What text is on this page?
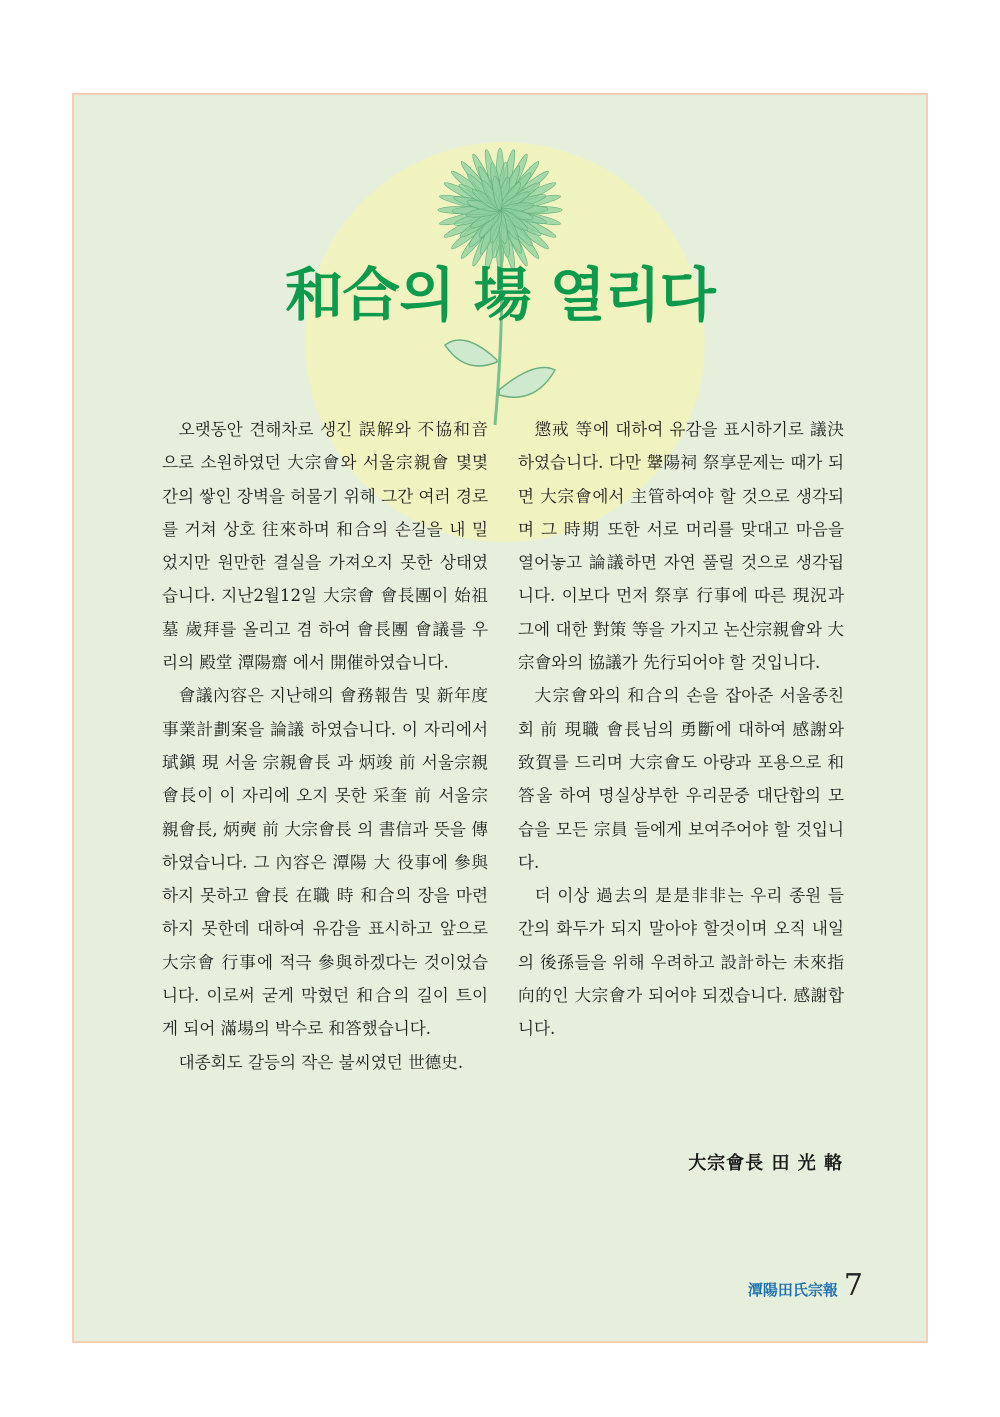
和合의 場 열리다

오랫동안 견해차로 생긴 誤解와 不協和音으로 소원하였던 大宗會와 서울宗親會 몇몇 간의 쌓인 장벽을 허물기 위해 그간 여러 경로를 거쳐 상호 往來하며 和合의 손길을 내 밀었지만 원만한 결실을 가져오지 못한 상태였습니다. 지난2월12일 大宗會 會長團이 始祖墓 歲拜를 올리고 겸 하여 會長團 會議를 우리의 殿堂 潭陽齋 에서 開催하였습니다.

會議內容은 지난해의 會務報告 및 新年度 事業計劃案을 論議 하였습니다. 이 자리에서 珷鎭 現 서울 宗親會長 과 炳竣 前 서울宗親會長이 이 자리에 오지 못한 采奎 前 서울宗親會長, 炳奭 前 大宗會長 의 書信과 뜻을 傳하였습니다. 그 內容은 潭陽 大 役事에 參與하지 못하고 會長 在職 時 和合의 장을 마련하지 못한데 대하여 유감을 표시하고 앞으로 大宗會 行事에 적극 參與하겠다는 것이었습니다. 이로써 굳게 막혔던 和合의 길이 트이게 되어 滿場의 박수로 和答했습니다.

대종회도 갈등의 작은 불씨였던 世德史.

懲戒 等에 대하여 유감을 표시하기로 議決하였습니다. 다만 鞶陽祠 祭享문제는 때가 되면 大宗會에서 主管하여야 할 것으로 생각되며 그 時期 또한 서로 머리를 맞대고 마음을 열어놓고 論議하면 자연 풀릴 것으로 생각됩니다. 이보다 먼저 祭享 行事에 따른 現況과 그에 대한 對策 等을 가지고 논산宗親會와 大宗會와의 協議가 先行되어야 할 것입니다.

大宗會와의 和合의 손을 잡아준 서울종친회 前 現職 會長님의 勇斷에 대하여 感謝와 致賀를 드리며 大宗會도 아량과 포용으로 和答울 하여 명실상부한 우리문중 대단합의 모습을 모든 宗員 들에게 보여주어야 할 것입니다.

더 이상 過去의 是是非非는 우리 종원 들 간의 화두가 되지 말아야 할것이며 오직 내일의 後孫들을 위해 우려하고 設計하는 未來指向的인 大宗會가 되어야 되겠습니다. 感謝합니다.

大宗會長 田 光 輅
潭陽田氏宗報 7
